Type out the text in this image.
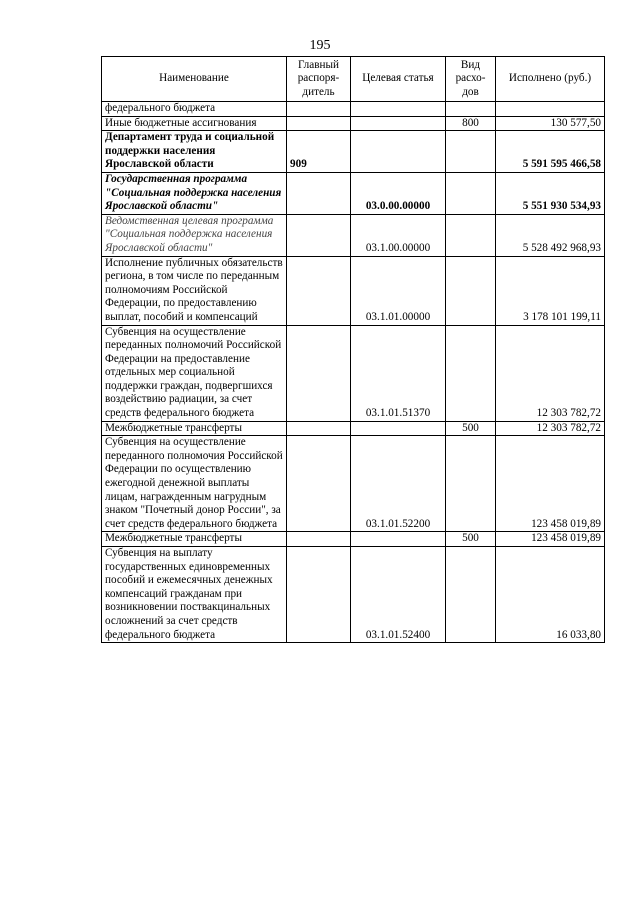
195
Наименование	Главный распоря-дитель	Целевая статья	Вид расхо-дов	Исполнено (руб.)
федерального бюджета				
Иные бюджетные ассигнования			800	130 577,50
Департамент труда и социальной поддержки населения Ярославской области	909			5 591 595 466,58
Государственная программа "Социальная поддержка населения Ярославской области"		03.0.00.00000		5 551 930 534,93
Ведомственная целевая программа "Социальная поддержка населения Ярославской области"		03.1.00.00000		5 528 492 968,93
Исполнение публичных обязательств региона, в том числе по переданным полномочиям Российской Федерации, по предоставлению выплат, пособий и компенсаций		03.1.01.00000		3 178 101 199,11
Субвенция на осуществление переданных полномочий Российской Федерации на предоставление отдельных мер социальной поддержки граждан, подвергшихся воздействию радиации, за счет средств федерального бюджета		03.1.01.51370		12 303 782,72
Межбюджетные трансферты			500	12 303 782,72
Субвенция на осуществление переданного полномочия Российской Федерации по осуществлению ежегодной денежной выплаты лицам, награжденным нагрудным знаком "Почетный донор России", за счет средств федерального бюджета		03.1.01.52200		123 458 019,89
Межбюджетные трансферты			500	123 458 019,89
Субвенция на выплату государственных единовременных пособий и ежемесячных денежных компенсаций гражданам при возникновении поствакцинальных осложнений за счет средств федерального бюджета		03.1.01.52400		16 033,80
